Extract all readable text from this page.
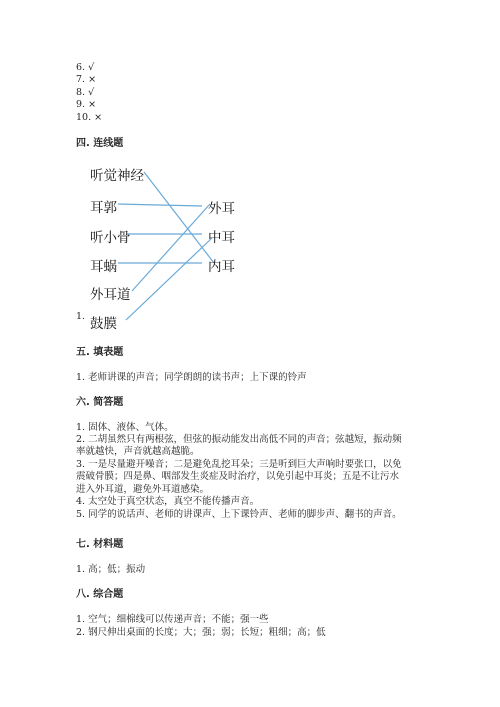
6. √
7. ×
8. √
9. ×
10. ×
四. 连线题
1.
听觉神经
耳郭
听小骨
耳蜗
外耳道
鼓膜
外耳
中耳
内耳
五. 填表题
1. 老师讲课的声音；同学朗朗的读书声；上下课的铃声
六. 简答题
1. 固体、液体、气体。
2. 二胡虽然只有两根弦，但弦的振动能发出高低不同的声音；弦越短，振动频
率就越快，声音就越高越脆。
3. 一是尽量避开噪音；二是避免乱挖耳朵；三是听到巨大声响时要张口，以免
震破骨膜；四是鼻、咽部发生炎症及时治疗，以免引起中耳炎；五是不让污水
进入外耳道，避免外耳道感染。
4. 太空处于真空状态，真空不能传播声音。
5. 同学的说话声、老师的讲课声、上下课铃声、老师的脚步声、翻书的声音。
七. 材料题
1. 高；低；振动
八. 综合题
1. 空气；细棉线可以传递声音；不能；强一些
2. 钢尺伸出桌面的长度；大；强；弱；长短；粗细；高；低
